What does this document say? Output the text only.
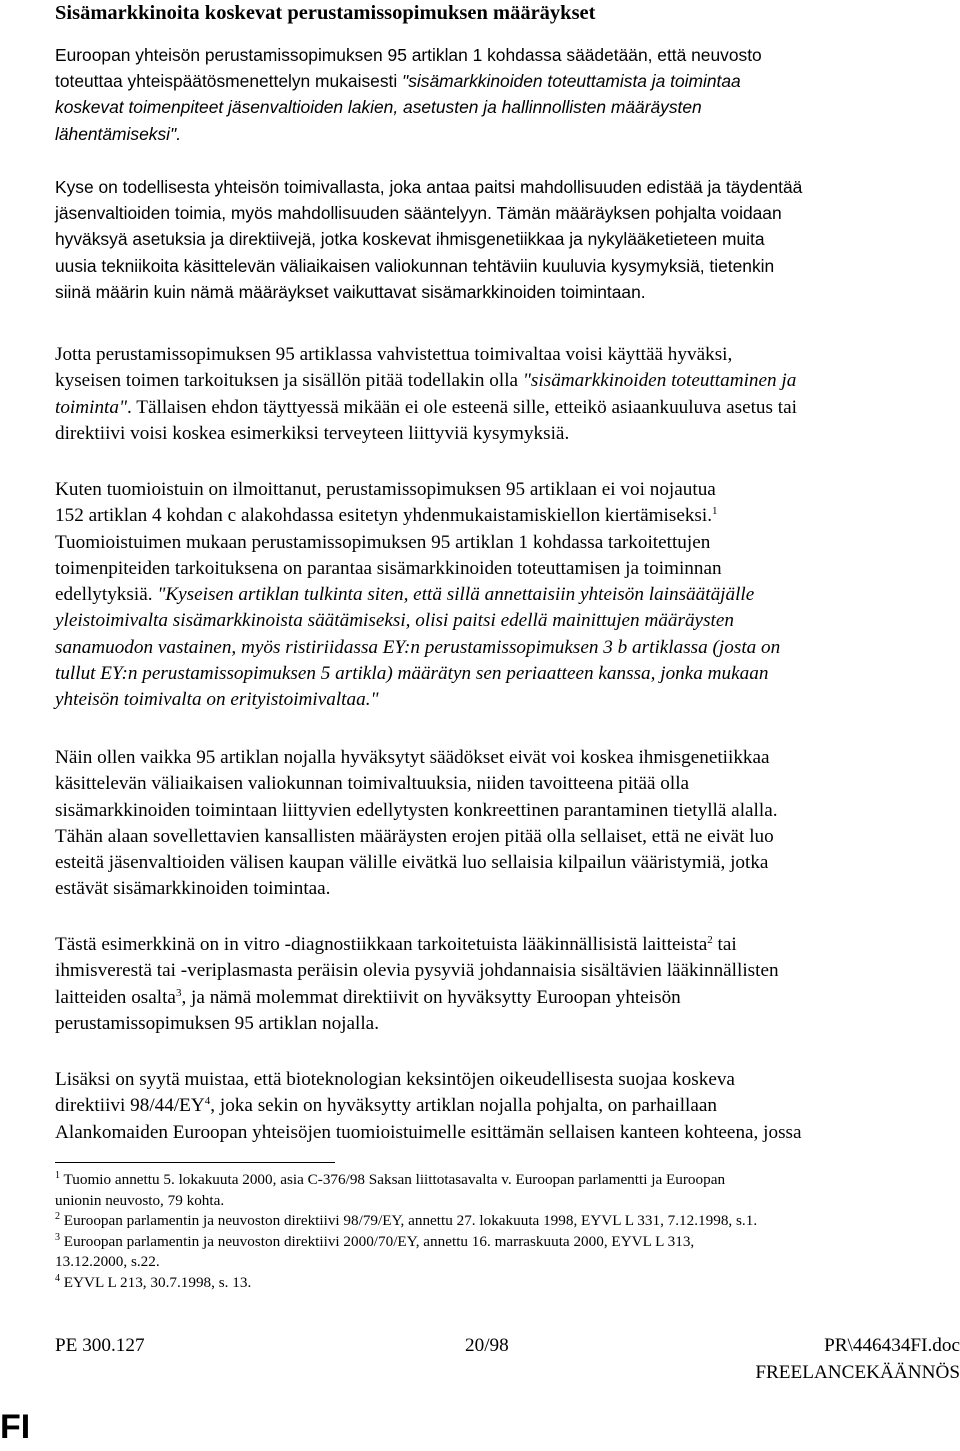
Sisämarkkinoita koskevat perustamissopimuksen määräykset
Euroopan yhteisön perustamissopimuksen 95 artiklan 1 kohdassa säädetään, että neuvosto
toteuttaa yhteispäätösmenettelyn mukaisesti "sisämarkkinoiden toteuttamista ja toimintaa
koskevat toimenpiteet jäsenvaltioiden lakien, asetusten ja hallinnollisten määräysten
lähentämiseksi".
Kyse on todellisesta yhteisön toimivallasta, joka antaa paitsi mahdollisuuden edistää ja täydentää
jäsenvaltioiden toimia, myös mahdollisuuden sääntelyyn. Tämän määräyksen pohjalta voidaan
hyväksyä asetuksia ja direktiivejä, jotka koskevat ihmisgenetiikkaa ja nykylääketieteen muita
uusia tekniikoita käsittelevän väliaikaisen valiokunnan tehtäviin kuuluvia kysymyksiä, tietenkin
siinä määrin kuin nämä määräykset vaikuttavat sisämarkkinoiden toimintaan.
Jotta perustamissopimuksen 95 artiklassa vahvistettua toimivaltaa voisi käyttää hyväksi,
kyseisen toimen tarkoituksen ja sisällön pitää todellakin olla "sisämarkkinoiden toteuttaminen ja
toiminta". Tällaisen ehdon täyttyessä mikään ei ole esteenä sille, etteikö asiaankuuluva asetus tai
direktiivi voisi koskea esimerkiksi terveyteen liittyviä kysymyksiä.
Kuten tuomioistuin on ilmoittanut, perustamissopimuksen 95 artiklaan ei voi nojautua
152 artiklan 4 kohdan c alakohdassa esitetyn yhdenmukaistamiskiellon kiertämiseksi.$^1$
Tuomioistuimen mukaan perustamissopimuksen 95 artiklan 1 kohdassa tarkoitettujen
toimenpiteiden tarkoituksena on parantaa sisämarkkinoiden toteuttamisen ja toiminnan
edellytyksiä. "Kyseisen artiklan tulkinta siten, että sillä annettaisiin yhteisön lainsäätäjälle
yleistoimivalta sisämarkkinoista säätämiseksi, olisi paitsi edellä mainittujen määräysten
sanamuodon vastainen, myös ristiriidassa EY:n perustamissopimuksen 3 b artiklassa (josta on
tullut EY:n perustamissopimuksen 5 artikla) määrätyn sen periaatteen kanssa, jonka mukaan
yhteisön toimivalta on erityistoimivaltaa."
Näin ollen vaikka 95 artiklan nojalla hyväksytyt säädökset eivät voi koskea ihmisgenetiikkaa
käsittelevän väliaikaisen valiokunnan toimivaltuuksia, niiden tavoitteena pitää olla
sisämarkkinoiden toimintaan liittyvien edellytysten konkreettinen parantaminen tietyllä alalla.
Tähän alaan sovellettavien kansallisten määräysten erojen pitää olla sellaiset, että ne eivät luo
esteitä jäsenvaltioiden välisen kaupan välille eivätkä luo sellaisia kilpailun vääristymiä, jotka
estävät sisämarkkinoiden toimintaa.
Tästä esimerkkinä on in vitro -diagnostiikkaan tarkoitetuista lääkinnällisistä laitteista$^2$ tai
ihmisverestä tai -veriplasmasta peräisin olevia pysyviä johdannaisia sisältävien lääkinnällisten
laitteiden osalta$^3$, ja nämä molemmat direktiivit on hyväksytty Euroopan yhteisön
perustamissopimuksen 95 artiklan nojalla.
Lisäksi on syytä muistaa, että bioteknologian keksintöjen oikeudellisesta suojaa koskeva
direktiivi $98/44/EY^4$, joka sekin on hyväksytty artiklan nojalla pohjalta, on parhaillaan
Alankomaiden Euroopan yhteisöjen tuomioistuimelle esittämän sellaisen kanteen kohteena, jossa
$^1$ Tuomio annettu 5. lokakuuta 2000, asia C-376/98 Saksan liittotasavalta v. Euroopan parlamentti ja Euroopan
unionin neuvosto, 79 kohta.
$^2$ Euroopan parlamentin ja neuvoston direktiivi 98/79/EY, annettu 27. lokakuuta 1998, EYVL L 331, 7.12.1998, s.1.
$^3$ Euroopan parlamentin ja neuvoston direktiivi 2000/70/EY, annettu 16. marraskuuta 2000, EYVL L 313,
13.12.2000, s.22.
$^4$ EYVL L 213, 30.7.1998, s. 13.
PE 300.127	20/98	PR\446434FI.doc
FREELANCEKÄÄNNÖS
FI
